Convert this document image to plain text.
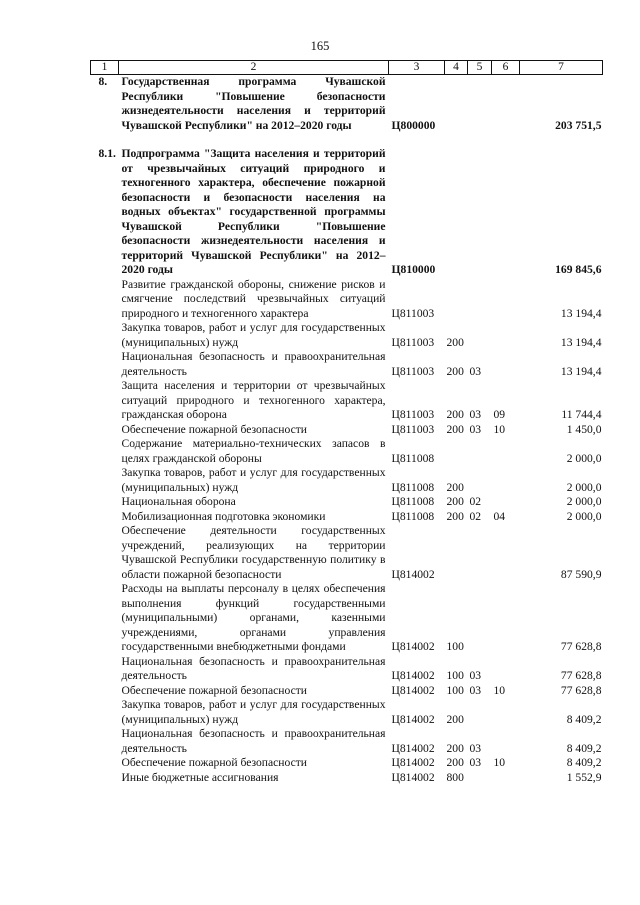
165
1	2	3	4	5	6	7
8.	Государственная программа Чувашской Республики "Повышение безопасности жизнедеятельности населения и территорий Чувашской Республики" на 2012–2020 годы	Ц800000				203 751,5

8.1.	Подпрограмма "Защита населения и территорий от чрезвычайных ситуаций природного и техногенного характера, обеспечение пожарной безопасности и безопасности населения на водных объектах" государственной программы Чувашской Республики "Повышение безопасности жизнедеятельности населения и территорий Чувашской Республики" на 2012–2020 годы	Ц810000				169 845,6
	Развитие гражданской обороны, снижение рисков и смягчение последствий чрезвычайных ситуаций природного и техногенного характера	Ц811003				13 194,4
	Закупка товаров, работ и услуг для государственных (муниципальных) нужд	Ц811003	200			13 194,4
	Национальная безопасность и правоохранительная деятельность	Ц811003	200	03		13 194,4
	Защита населения и территории от чрезвычайных ситуаций природного и техногенного характера, гражданская оборона	Ц811003	200	03	09	11 744,4
	Обеспечение пожарной безопасности	Ц811003	200	03	10	1 450,0
	Содержание материально-технических запасов в целях гражданской обороны	Ц811008				2 000,0
	Закупка товаров, работ и услуг для государственных (муниципальных) нужд	Ц811008	200			2 000,0
	Национальная оборона	Ц811008	200	02		2 000,0
	Мобилизационная подготовка экономики	Ц811008	200	02	04	2 000,0
	Обеспечение деятельности государственных учреждений, реализующих на территории Чувашской Республики государственную политику в области пожарной безопасности	Ц814002				87 590,9
	Расходы на выплаты персоналу в целях обеспечения выполнения функций государственными (муниципальными) органами, казенными учреждениями, органами управления государственными внебюджетными фондами	Ц814002	100			77 628,8
	Национальная безопасность и правоохранительная деятельность	Ц814002	100	03		77 628,8
	Обеспечение пожарной безопасности	Ц814002	100	03	10	77 628,8
	Закупка товаров, работ и услуг для государственных (муниципальных) нужд	Ц814002	200			8 409,2
	Национальная безопасность и правоохранительная деятельность	Ц814002	200	03		8 409,2
	Обеспечение пожарной безопасности	Ц814002	200	03	10	8 409,2
	Иные бюджетные ассигнования	Ц814002	800			1 552,9
